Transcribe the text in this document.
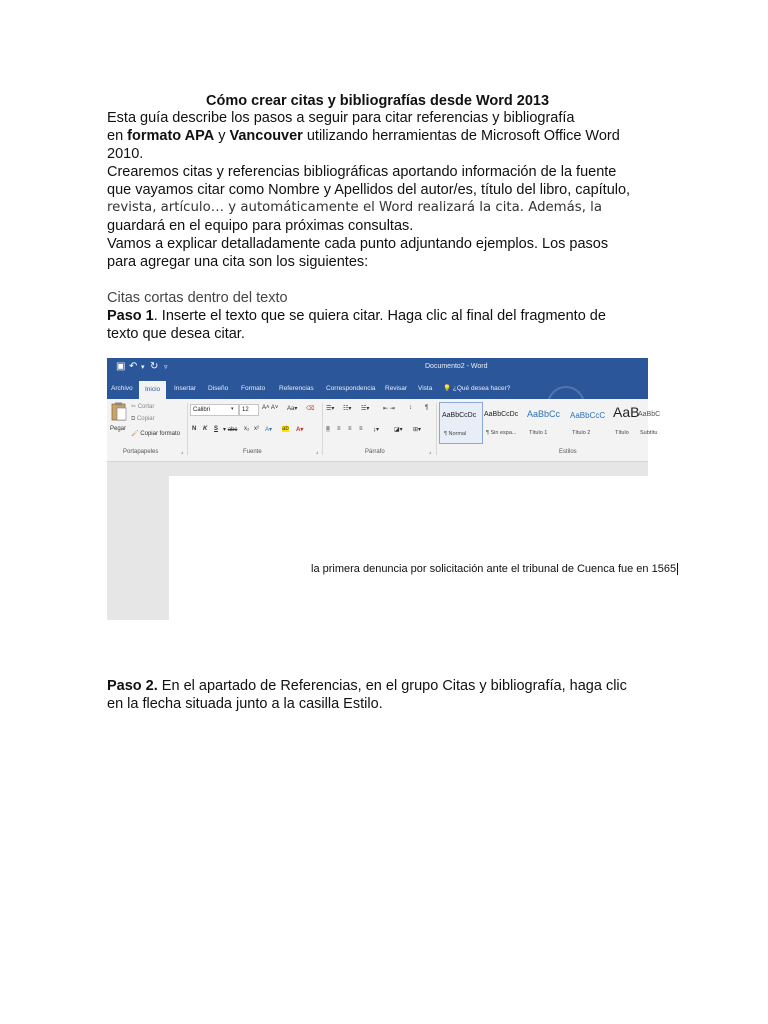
Cómo crear citas y bibliografías desde Word 2013
Esta guía describe los pasos a seguir para citar referencias y bibliografía
en formato APA y Vancouver utilizando herramientas de Microsoft Office Word
2010.
Crearemos citas y referencias bibliográficas aportando información de la fuente
que vayamos citar como Nombre y Apellidos del autor/es, título del libro, capítulo,
revista, artículo… y automáticamente el Word realizará la cita. Además, la
guardará en el equipo para próximas consultas.
Vamos a explicar detalladamente cada punto adjuntando ejemplos. Los pasos
para agregar una cita son los siguientes:
Citas cortas dentro del texto
Paso 1. Inserte el texto que se quiera citar. Haga clic al final del fragmento de
texto que desea citar.
▣ ↶ ▾ ↻ ▿	Documento2 - Word
Archivo	Inicio	Insertar Diseño Formato Referencias Correspondencia Revisar Vista 💡 ¿Qué desea hacer?
Pegar
✂ Cortar
⧉ Copiar
🖌 Copiar formato
Portapapeles	⌟
Calibri	▾	12	A˄ A˅ Aa▾ ⌫
N K S ▾ abc x₂ x² A▾ ab A▾
Fuente	⌟
☰▾ ☷▾ ☱▾ ⇤ ⇥ ↕ ¶
≡ ≡ ≡ ≡ ↨▾ ◪▾ ⊞▾
Párrafo	⌟
AaBbCcDc
¶ Normal
AaBbCcDc
¶ Sin espa...
AaBbCc
Título 1
AaBbCcC
Título 2
AaB
Título
AaBbC
Subtítu
Estilos
la primera denuncia por solicitación ante el tribunal de Cuenca fue en 1565
Paso 2. En el apartado de Referencias, en el grupo Citas y bibliografía, haga clic
en la flecha situada junto a la casilla Estilo.
